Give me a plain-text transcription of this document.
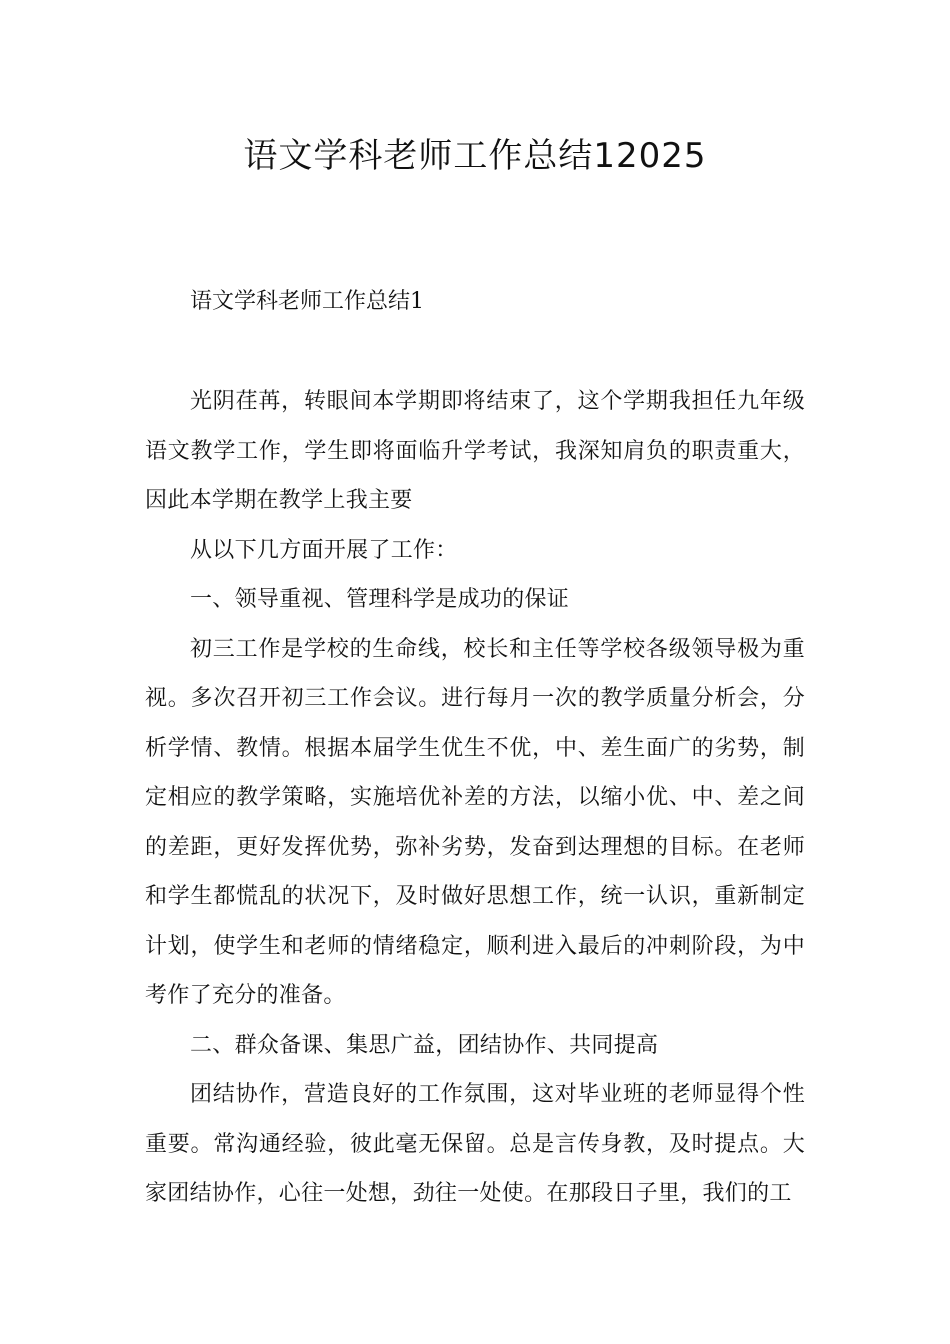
语文学科老师工作总结12025
语文学科老师工作总结1

光阴荏苒，转眼间本学期即将结束了，这个学期我担任九年级语文教学工作，学生即将面临升学考试，我深知肩负的职责重大，因此本学期在教学上我主要

从以下几方面开展了工作：

一、领导重视、管理科学是成功的保证

初三工作是学校的生命线，校长和主任等学校各级领导极为重视。多次召开初三工作会议。进行每月一次的教学质量分析会，分析学情、教情。根据本届学生优生不优，中、差生面广的劣势，制定相应的教学策略，实施培优补差的方法，以缩小优、中、差之间的差距，更好发挥优势，弥补劣势，发奋到达理想的目标。在老师和学生都慌乱的状况下，及时做好思想工作，统一认识，重新制定计划，使学生和老师的情绪稳定，顺利进入最后的冲刺阶段，为中考作了充分的准备。

二、群众备课、集思广益，团结协作、共同提高

团结协作，营造良好的工作氛围，这对毕业班的老师显得个性重要。常沟通经验，彼此毫无保留。总是言传身教，及时提点。大家团结协作，心往一处想，劲往一处使。在那段日子里，我们的工
